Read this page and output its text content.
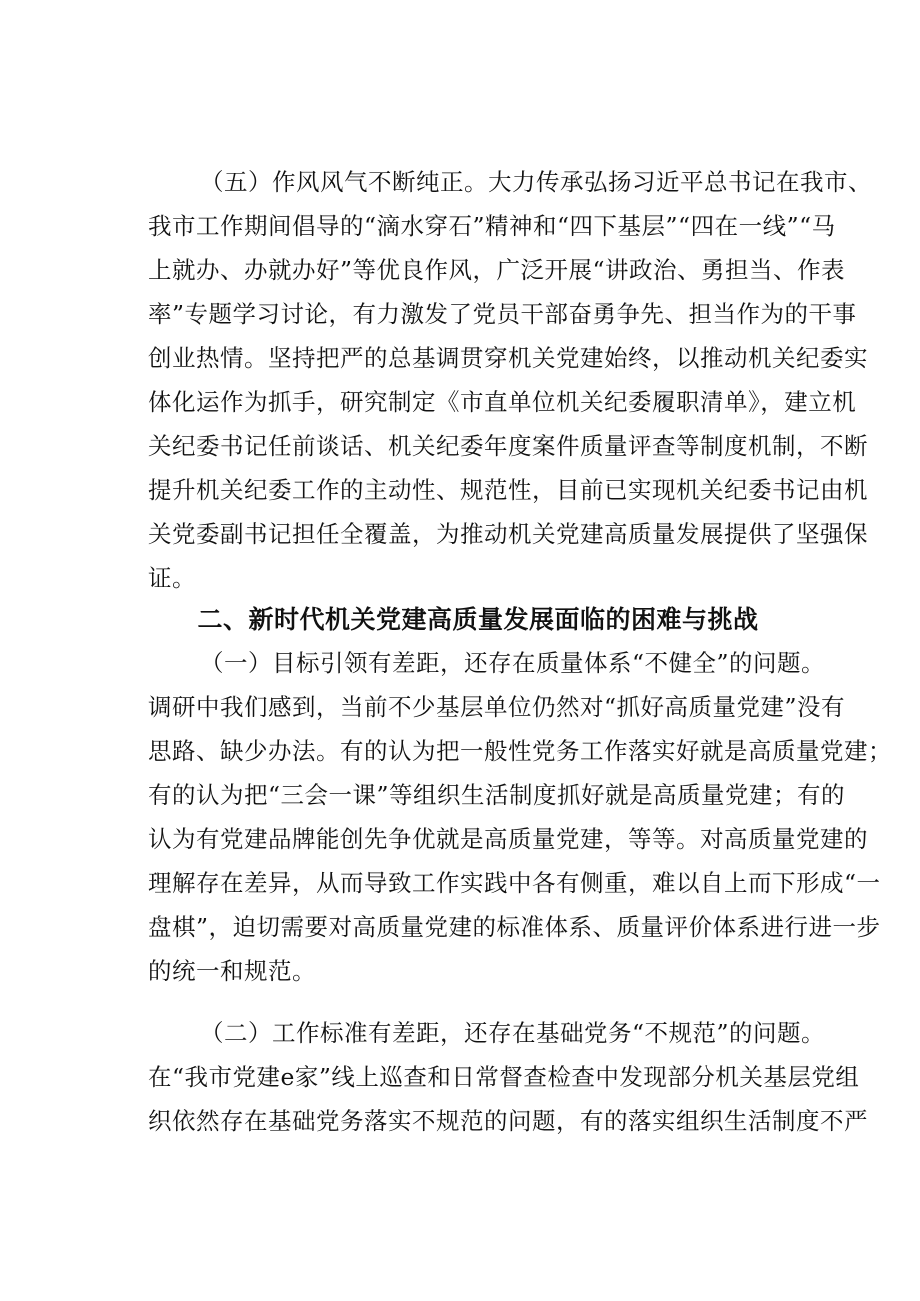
（五）作风风气不断纯正。大力传承弘扬习近平总书记在我市、
我市工作期间倡导的“滴水穿石”精神和“四下基层”“四在一线”“马
上就办、办就办好”等优良作风，广泛开展“讲政治、勇担当、作表
率”专题学习讨论，有力激发了党员干部奋勇争先、担当作为的干事
创业热情。坚持把严的总基调贯穿机关党建始终，以推动机关纪委实
体化运作为抓手，研究制定《市直单位机关纪委履职清单》，建立机
关纪委书记任前谈话、机关纪委年度案件质量评查等制度机制，不断
提升机关纪委工作的主动性、规范性，目前已实现机关纪委书记由机
关党委副书记担任全覆盖，为推动机关党建高质量发展提供了坚强保
证。
二、新时代机关党建高质量发展面临的困难与挑战
（一）目标引领有差距，还存在质量体系“不健全”的问题。
调研中我们感到，当前不少基层单位仍然对“抓好高质量党建”没有
思路、缺少办法。有的认为把一般性党务工作落实好就是高质量党建；
有的认为把“三会一课”等组织生活制度抓好就是高质量党建；有的
认为有党建品牌能创先争优就是高质量党建，等等。对高质量党建的
理解存在差异，从而导致工作实践中各有侧重，难以自上而下形成“一
盘棋”，迫切需要对高质量党建的标准体系、质量评价体系进行进一步
的统一和规范。
（二）工作标准有差距，还存在基础党务“不规范”的问题。
在“我市党建e家”线上巡查和日常督查检查中发现部分机关基层党组
织依然存在基础党务落实不规范的问题，有的落实组织生活制度不严
